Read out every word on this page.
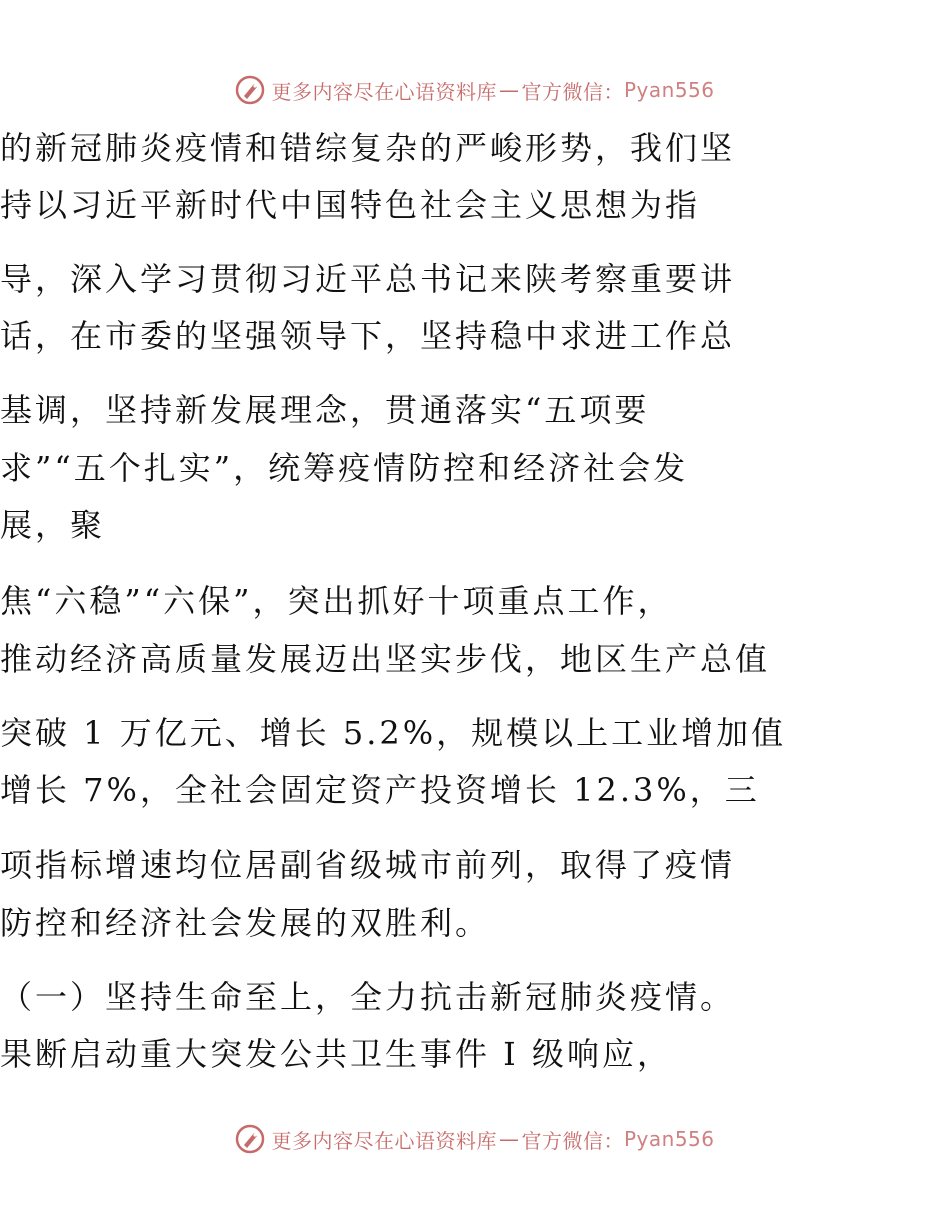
更多内容尽在心语资料库 — 官方微信： Pyan556
的新冠肺炎疫情和错综复杂的严峻形势，我们坚
持以习近平新时代中国特色社会主义思想为指
导，深入学习贯彻习近平总书记来陕考察重要讲
话，在市委的坚强领导下，坚持稳中求进工作总
基调，坚持新发展理念，贯通落实“五项要
求”“五个扎实”，统筹疫情防控和经济社会发
展，聚
焦“六稳”“六保”，突出抓好十项重点工作，
推动经济高质量发展迈出坚实步伐，地区生产总值
突破 1 万亿元、增长 5.2%，规模以上工业增加值
增长 7%，全社会固定资产投资增长 12.3%，三
项指标增速均位居副省级城市前列，取得了疫情
防控和经济社会发展的双胜利。
（一）坚持生命至上，全力抗击新冠肺炎疫情。
果断启动重大突发公共卫生事件 I 级响应，
更多内容尽在心语资料库 — 官方微信： Pyan556
